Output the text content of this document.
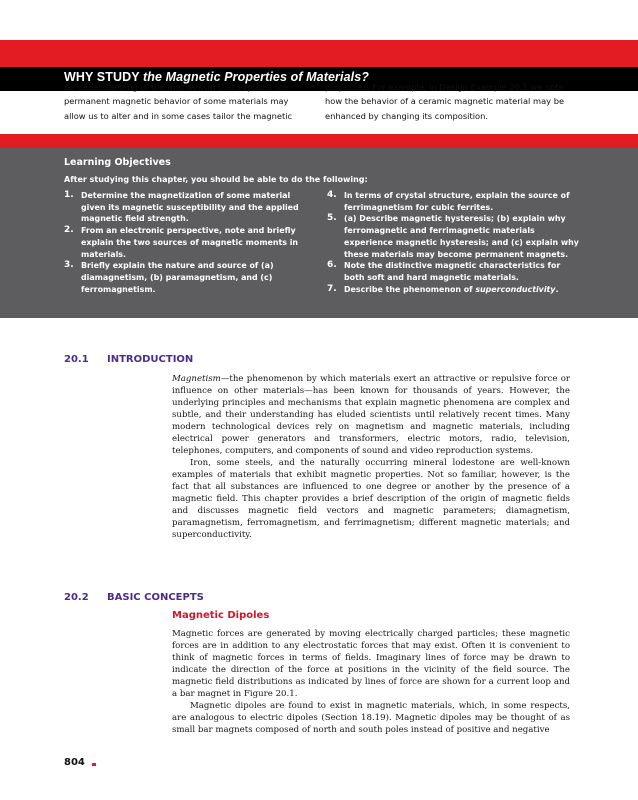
WHY STUDY the Magnetic Properties of Materials?
An understanding of the mechanism that explains the permanent magnetic behavior of some materials may allow us to alter and in some cases tailor the magnetic
properties. For example, in Design Example 20.1 we note how the behavior of a ceramic magnetic material may be enhanced by changing its composition.
Learning Objectives
After studying this chapter, you should be able to do the following:
1. Determine the magnetization of some material given its magnetic susceptibility and the applied magnetic field strength.
2. From an electronic perspective, note and briefly explain the two sources of magnetic moments in materials.
3. Briefly explain the nature and source of (a) diamagnetism, (b) paramagnetism, and (c) ferromagnetism.
4. In terms of crystal structure, explain the source of ferrimagnetism for cubic ferrites.
5. (a) Describe magnetic hysteresis; (b) explain why ferromagnetic and ferrimagnetic materials experience magnetic hysteresis; and (c) explain why these materials may become permanent magnets.
6. Note the distinctive magnetic characteristics for both soft and hard magnetic materials.
7. Describe the phenomenon of superconductivity.
20.1 INTRODUCTION

Magnetism—the phenomenon by which materials exert an attractive or repulsive force or influence on other materials—has been known for thousands of years. However, the underlying principles and mechanisms that explain magnetic phenomena are complex and subtle, and their understanding has eluded scientists until relatively recent times. Many modern technological devices rely on magnetism and magnetic materials, including electrical power generators and transformers, electric motors, radio, television, telephones, computers, and components of sound and video reproduction systems.

Iron, some steels, and the naturally occurring mineral lodestone are well-known examples of materials that exhibit magnetic properties. Not so familiar, however, is the fact that all substances are influenced to one degree or another by the presence of a magnetic field. This chapter provides a brief description of the origin of magnetic fields and discusses magnetic field vectors and magnetic parameters; diamagnetism, paramagnetism, ferromagnetism, and ferrimagnetism; different magnetic materials; and superconductivity.

20.2 BASIC CONCEPTS
Magnetic Dipoles

Magnetic forces are generated by moving electrically charged particles; these magnetic forces are in addition to any electrostatic forces that may exist. Often it is convenient to think of magnetic forces in terms of fields. Imaginary lines of force may be drawn to indicate the direction of the force at positions in the vicinity of the field source. The magnetic field distributions as indicated by lines of force are shown for a current loop and a bar magnet in Figure 20.1.

Magnetic dipoles are found to exist in magnetic materials, which, in some respects, are analogous to electric dipoles (Section 18.19). Magnetic dipoles may be thought of as small bar magnets composed of north and south poles instead of positive and negative

804
